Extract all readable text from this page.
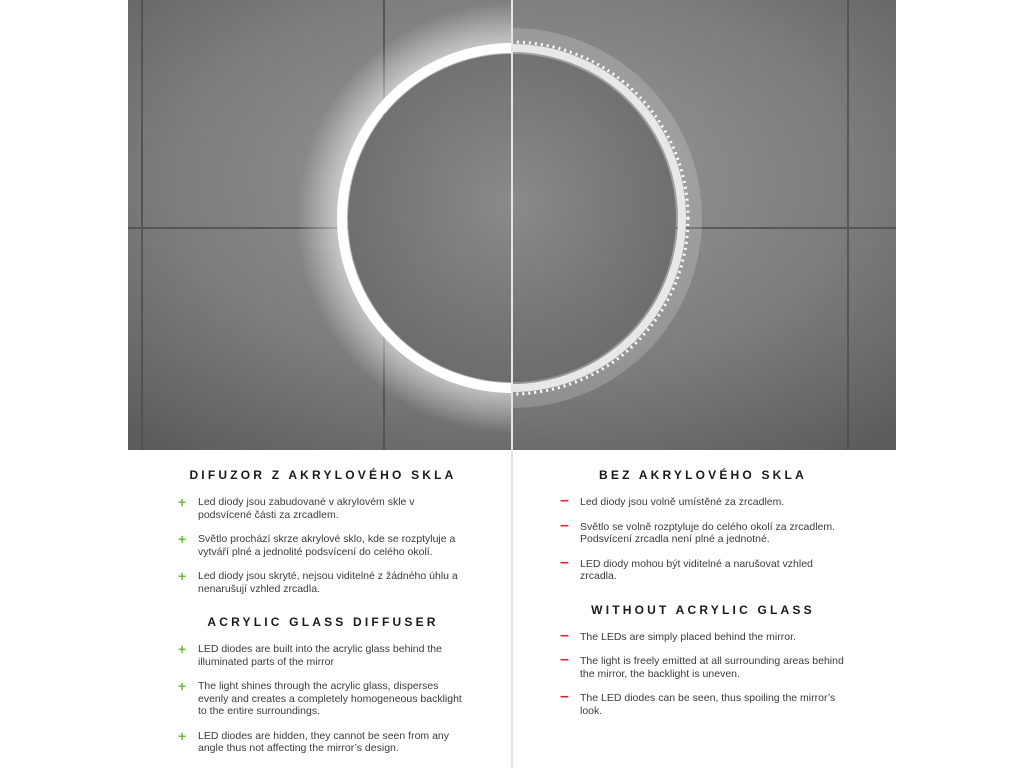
DIFUZOR Z AKRYLOVÉHO SKLA
+ Led diody jsou zabudované v akrylovém skle v podsvícené části za zrcadlem.
+ Světlo prochází skrze akrylové sklo, kde se rozptyluje a vytváří plné a jednolité podsvícení do celého okolí.
+ Led diody jsou skryté, nejsou viditelné z žádného úhlu a nenarušují vzhled zrcadla.
ACRYLIC GLASS DIFFUSER
+ LED diodes are built into the acrylic glass behind the illuminated parts of the mirror
+ The light shines through the acrylic glass, disperses evenly and creates a completely homogeneous backlight to the entire surroundings.
+ LED diodes are hidden, they cannot be seen from any angle thus not affecting the mirror’s design.
BEZ AKRYLOVÉHO SKLA
– Led diody jsou volně umístěné za zrcadlem.
– Světlo se volně rozptyluje do celého okolí za zrcadlem. Podsvícení zrcadla není plné a jednotné.
– LED diody mohou být viditelné a narušovat vzhled zrcadla.
WITHOUT ACRYLIC GLASS
– The LEDs are simply placed behind the mirror.
– The light is freely emitted at all surrounding areas behind the mirror, the backlight is uneven.
– The LED diodes can be seen, thus spoiling the mirror’s look.
